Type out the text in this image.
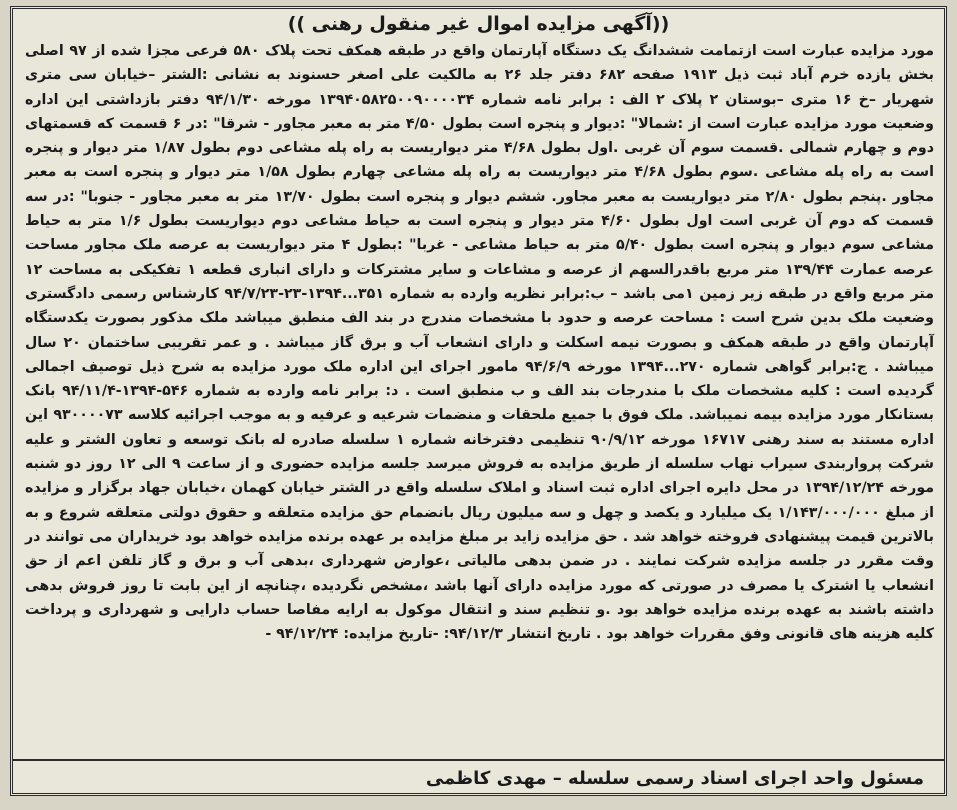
((آگهی مزایده اموال غیر منقول رهنی ))
مورد مزایده عبارت است ازتمامت ششدانگ یک دستگاه آپارتمان واقع در طبقه همکف تحت پلاک ۵۸۰ فرعی مجزا شده از ۹۷ اصلی بخش یازده خرم آباد ثبت ذیل ۱۹۱۳ صفحه ۶۸۲ دفتر جلد ۲۶ به مالکیت علی اصغر حسنوند به نشانی :الشتر –خیابان سی متری شهریار –خ ۱۶ متری –بوستان ۲ پلاک ۲ الف : برابر نامه شماره ۱۳۹۴۰۵۸۲۵۰۰۹۰۰۰۰۳۴ مورخه ۹۴/۱/۳۰ دفتر بازداشتی این اداره وضعیت مورد مزایده عبارت است از :شمالا" :دیوار و پنجره است بطول ۴/۵۰ متر به معبر مجاور - شرقا" :در ۶ قسمت که قسمتهای دوم و چهارم شمالی .قسمت سوم آن غربی .اول بطول ۴/۶۸ متر دیواریست به راه پله مشاعی دوم بطول ۱/۸۷ متر دیوار و پنجره است به راه پله مشاعی .سوم بطول ۴/۶۸ متر دیواریست به راه پله مشاعی چهارم بطول ۱/۵۸ متر دیوار و پنجره است به معبر مجاور .پنجم بطول ۲/۸۰ متر دیواریست به معبر مجاور. ششم دیوار و پنجره است بطول ۱۳/۷۰ متر به معبر مجاور - جنوبا" :در سه قسمت که دوم آن غربی است اول بطول ۴/۶۰ متر دیوار و پنجره است به حیاط مشاعی دوم دیواریست بطول ۱/۶ متر به حیاط مشاعی سوم دیوار و پنجره است بطول ۵/۴۰ متر به حیاط مشاعی - غربا" :بطول ۴ متر دیواریست به عرصه ملک مجاور مساحت عرصه عمارت ۱۳۹/۴۴ متر مربع باقدرالسهم از عرصه و مشاعات و سایر مشترکات و دارای انباری قطعه ۱ تفکیکی به مساحت ۱۲ متر مربع واقع در طبقه زیر زمین ۱می باشد – ب:برابر نظریه وارده به شماره ۳۵۱...۱۳۹۴-۲۳-۹۴/۷/۲۳ کارشناس رسمی دادگستری وضعیت ملک بدین شرح است : مساحت عرصه و حدود با مشخصات مندرج در بند الف منطبق میباشد ملک مذکور بصورت یکدستگاه آپارتمان واقع در طبقه همکف و بصورت نیمه اسکلت و دارای انشعاب آب و برق گاز میباشد . و عمر تقریبی ساختمان ۲۰ سال میباشد . ج:برابر گواهی شماره ۲۷۰...۱۳۹۴ مورخه ۹۴/۶/۹ مامور اجرای این اداره ملک مورد مزایده به شرح ذیل توصیف اجمالی گردیده است : کلیه مشخصات ملک با مندرجات بند الف و ب منطبق است . د: برابر نامه وارده به شماره ۵۴۶-۱۳۹۴-۹۴/۱۱/۴ بانک بستانکار مورد مزایده بیمه نمیباشد. ملک فوق با جمیع ملحقات و منضمات شرعیه و عرفیه و به موجب اجرائیه کلاسه ۹۳۰۰۰۰۷۳ این اداره مستند به سند رهنی ۱۶۷۱۷ مورخه ۹۰/۹/۱۲ تنظیمی دفترخانه شماره ۱ سلسله صادره له بانک توسعه و تعاون الشتر و علیه شرکت پرواربندی سیراب نهاب سلسله از طریق مزایده به فروش میرسد جلسه مزایده حضوری و از ساعت ۹ الی ۱۲ روز دو شنبه مورخه ۱۳۹۴/۱۲/۲۴ در محل دایره اجرای اداره ثبت اسناد و املاک سلسله واقع در الشتر خیابان کهمان ،خیابان جهاد برگزار و مزایده از مبلغ ۱/۱۴۳/۰۰۰/۰۰۰ یک میلیارد و یکصد و چهل و سه میلیون ریال بانضمام حق مزایده متعلقه و حقوق دولتی متعلقه شروع و به بالاترین قیمت پیشنهادی فروخته خواهد شد . حق مزایده زاید بر مبلغ مزایده بر عهده برنده مزایده خواهد بود خریداران می توانند در وقت مقرر در جلسه مزایده شرکت نمایند . در ضمن بدهی مالیاتی ،عوارض شهرداری ،بدهی آب و برق و گاز تلفن اعم از حق انشعاب یا اشترک یا مصرف در صورتی که مورد مزایده دارای آنها باشد ،مشخص نگردیده ،چنانچه از این بابت تا روز فروش بدهی داشته باشند به عهده برنده مزایده خواهد بود .و تنظیم سند و انتقال موکول به ارایه مفاصا حساب دارایی و شهرداری و پرداخت کلیه هزینه های قانونی وفق مقررات خواهد بود . تاریخ انتشار ۹۴/۱۲/۳: -تاریخ مزایده: ۹۴/۱۲/۲۴ -
مسئول واحد اجرای اسناد رسمی سلسله – مهدی کاظمی
